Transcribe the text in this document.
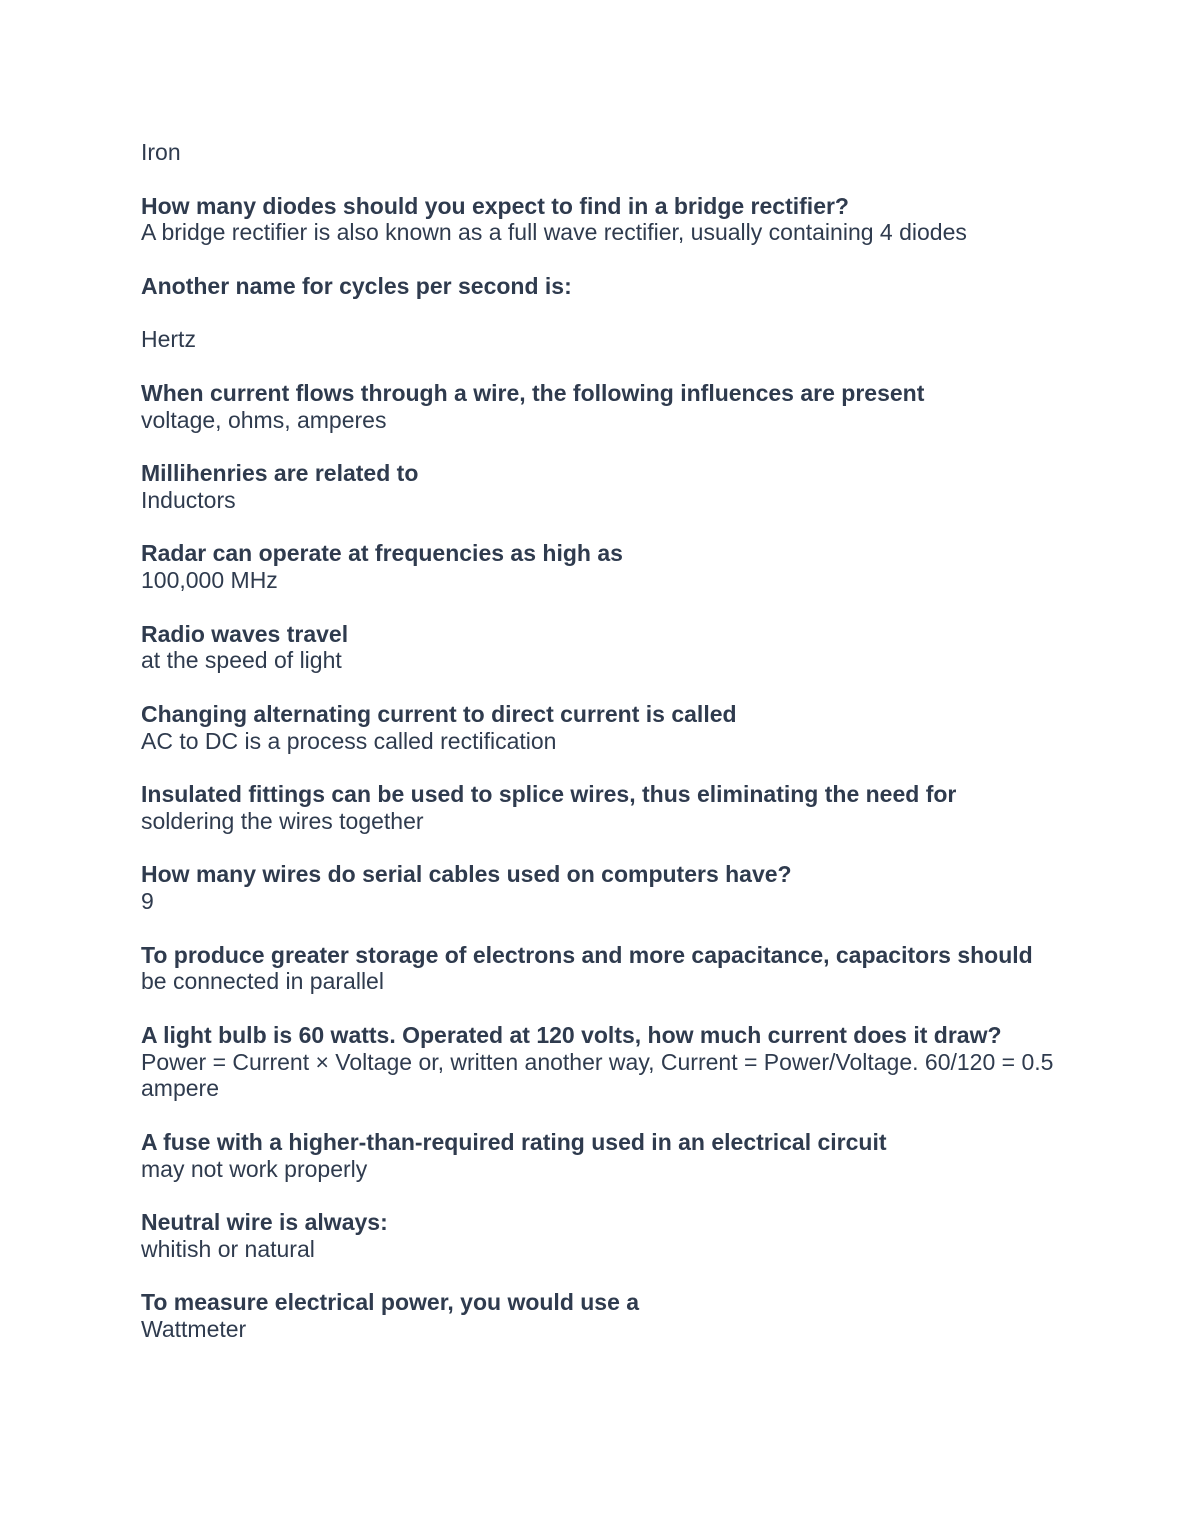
Iron

How many diodes should you expect to find in a bridge rectifier?

A bridge rectifier is also known as a full wave rectifier, usually containing 4 diodes

Another name for cycles per second is:

Hertz

When current flows through a wire, the following influences are present

voltage, ohms, amperes

Millihenries are related to

Inductors

Radar can operate at frequencies as high as

100,000 MHz

Radio waves travel

at the speed of light

Changing alternating current to direct current is called

AC to DC is a process called rectification

Insulated fittings can be used to splice wires, thus eliminating the need for

soldering the wires together

How many wires do serial cables used on computers have?

9

To produce greater storage of electrons and more capacitance, capacitors should

be connected in parallel

A light bulb is 60 watts. Operated at 120 volts, how much current does it draw?

Power = Current × Voltage or, written another way, Current = Power/Voltage. 60/120 = 0.5 ampere

A fuse with a higher-than-required rating used in an electrical circuit

may not work properly

Neutral wire is always:

whitish or natural

To measure electrical power, you would use a

Wattmeter
